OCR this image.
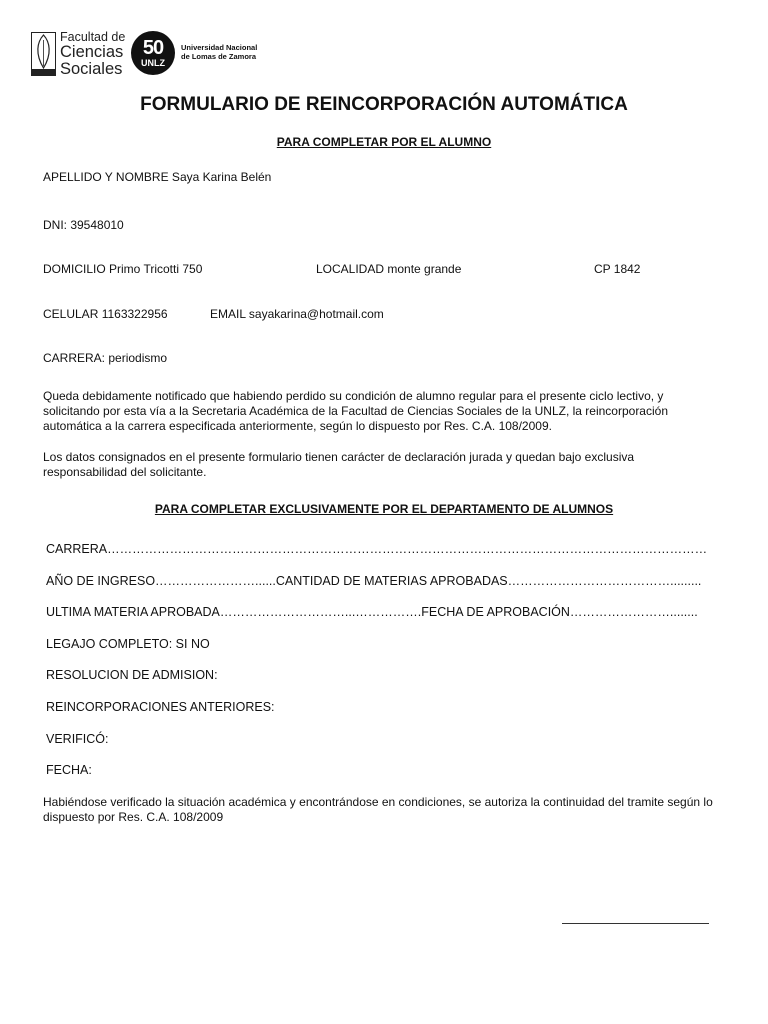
Facultad de
Ciencias
Sociales
50
UNLZ
Universidad Nacional
de Lomas de Zamora
FORMULARIO DE REINCORPORACIÓN AUTOMÁTICA
PARA COMPLETAR POR EL ALUMNO
APELLIDO Y NOMBRE Saya Karina Belén
DNI: 39548010
DOMICILIO Primo Tricotti 750	LOCALIDAD monte grande	CP 1842
CELULAR 1163322956	EMAIL sayakarina@hotmail.com
CARRERA: periodismo
Queda debidamente notificado que habiendo perdido su condición de alumno regular para el presente ciclo lectivo, y solicitando por esta vía a la Secretaria Académica de la Facultad de Ciencias Sociales de la UNLZ, la reincorporación automática a la carrera especificada anteriormente, según lo dispuesto por Res. C.A. 108/2009.
Los datos consignados en el presente formulario tienen carácter de declaración jurada y quedan bajo exclusiva responsabilidad del solicitante.
PARA COMPLETAR EXCLUSIVAMENTE POR EL DEPARTAMENTO DE ALUMNOS
CARRERA………………………………………………………………………………………………………………………………
AÑO DE INGRESO……………………......CANTIDAD DE MATERIAS APROBADAS………………………………….........
ULTIMA MATERIA APROBADA…………………………...…………….FECHA DE APROBACIÓN……………………........
LEGAJO COMPLETO: SI NO
RESOLUCION DE ADMISION:
REINCORPORACIONES ANTERIORES:
VERIFICÓ:
FECHA:
Habiéndose verificado la situación académica y encontrándose en condiciones, se autoriza la continuidad del tramite según lo dispuesto por Res. C.A. 108/2009
